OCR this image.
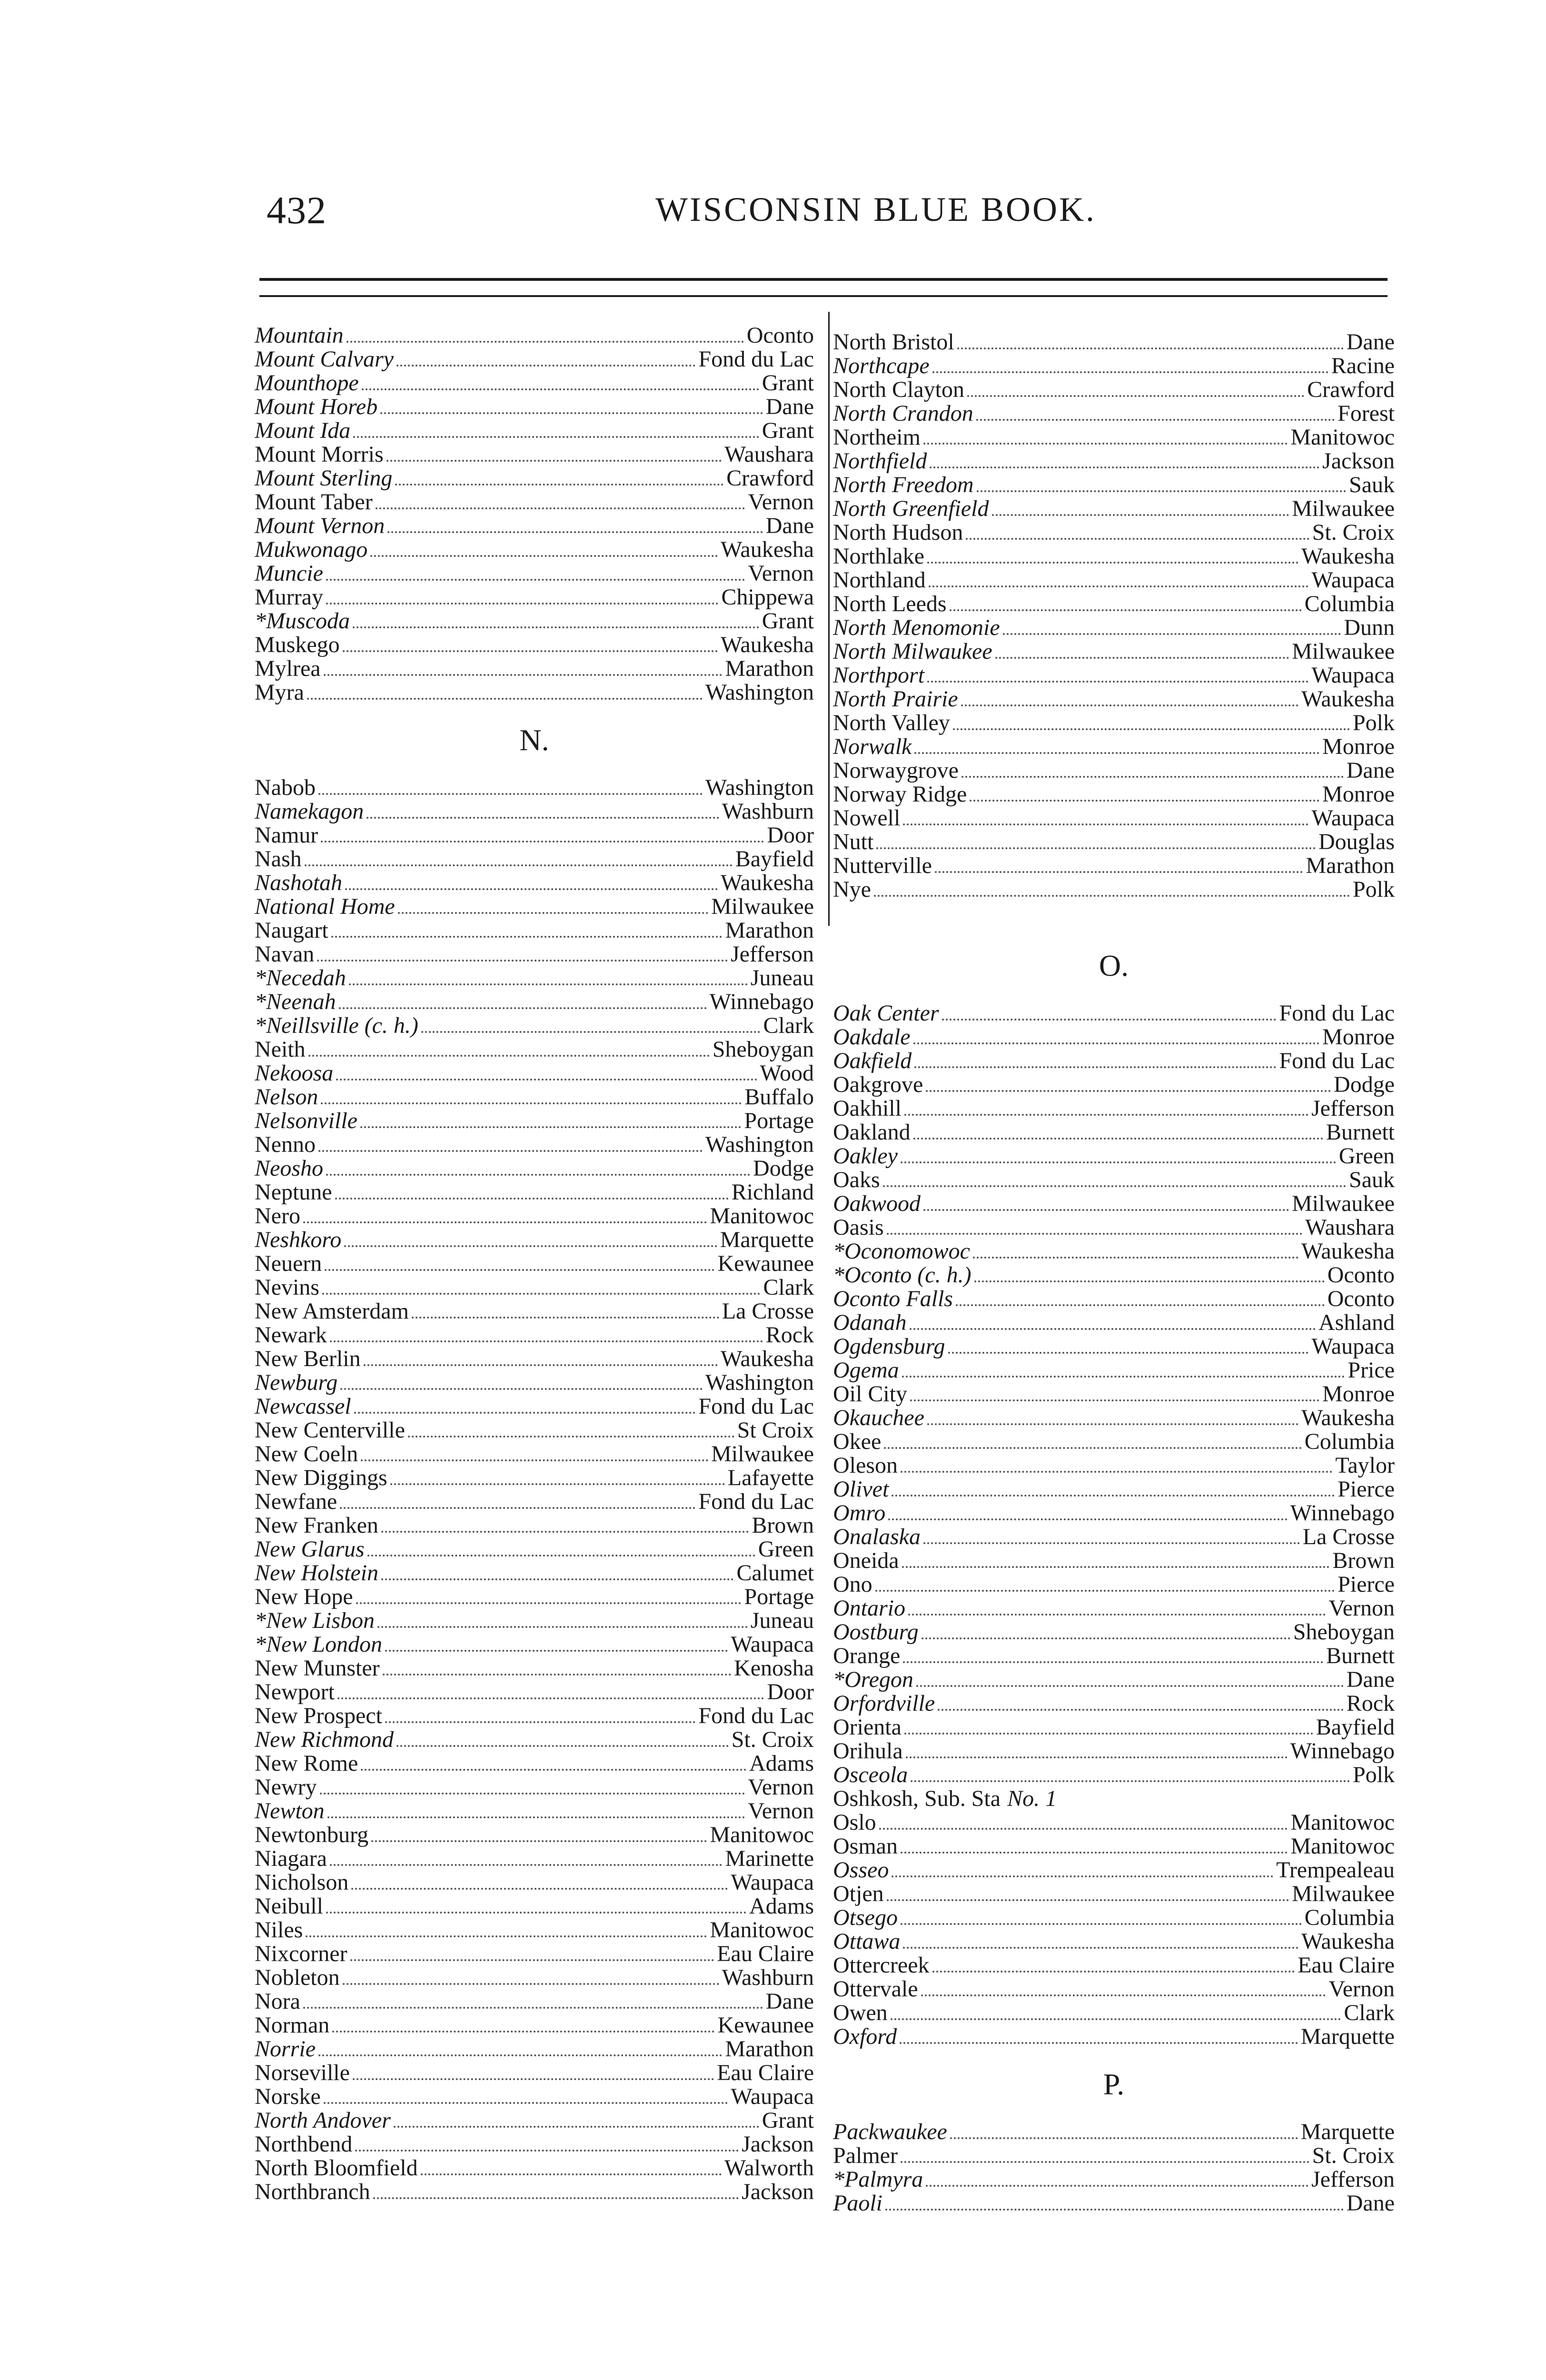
432	WISCONSIN BLUE BOOK.
Mountain	Oconto
Mount Calvary	Fond du Lac
Mounthope	Grant
Mount Horeb	Dane
Mount Ida	Grant
Mount Morris	Waushara
Mount Sterling	Crawford
Mount Taber	Vernon
Mount Vernon	Dane
Mukwonago	Waukesha
Muncie	Vernon
Murray	Chippewa
*Muscoda	Grant
Muskego	Waukesha
Mylrea	Marathon
Myra	Washington
N.
Nabob	Washington
Namekagon	Washburn
Namur	Door
Nash	Bayfield
Nashotah	Waukesha
National Home	Milwaukee
Naugart	Marathon
Navan	Jefferson
*Necedah	Juneau
*Neenah	Winnebago
*Neillsville (c. h.)	Clark
Neith	Sheboygan
Nekoosa	Wood
Nelson	Buffalo
Nelsonville	Portage
Nenno	Washington
Neosho	Dodge
Neptune	Richland
Nero	Manitowoc
Neshkoro	Marquette
Neuern	Kewaunee
Nevins	Clark
New Amsterdam	La Crosse
Newark	Rock
New Berlin	Waukesha
Newburg	Washington
Newcassel	Fond du Lac
New Centerville	St Croix
New Coeln	Milwaukee
New Diggings	Lafayette
Newfane	Fond du Lac
New Franken	Brown
New Glarus	Green
New Holstein	Calumet
New Hope	Portage
*New Lisbon	Juneau
*New London	Waupaca
New Munster	Kenosha
Newport	Door
New Prospect	Fond du Lac
New Richmond	St. Croix
New Rome	Adams
Newry	Vernon
Newton	Vernon
Newtonburg	Manitowoc
Niagara	Marinette
Nicholson	Waupaca
Neibull	Adams
Niles	Manitowoc
Nixcorner	Eau Claire
Nobleton	Washburn
Nora	Dane
Norman	Kewaunee
Norrie	Marathon
Norseville	Eau Claire
Norske	Waupaca
North Andover	Grant
Northbend	Jackson
North Bloomfield	Walworth
Northbranch	Jackson
North Bristol	Dane
Northcape	Racine
North Clayton	Crawford
North Crandon	Forest
Northeim	Manitowoc
Northfield	Jackson
North Freedom	Sauk
North Greenfield	Milwaukee
North Hudson	St. Croix
Northlake	Waukesha
Northland	Waupaca
North Leeds	Columbia
North Menomonie	Dunn
North Milwaukee	Milwaukee
Northport	Waupaca
North Prairie	Waukesha
North Valley	Polk
Norwalk	Monroe
Norwaygrove	Dane
Norway Ridge	Monroe
Nowell	Waupaca
Nutt	Douglas
Nutterville	Marathon
Nye	Polk
O.
Oak Center	Fond du Lac
Oakdale	Monroe
Oakfield	Fond du Lac
Oakgrove	Dodge
Oakhill	Jefferson
Oakland	Burnett
Oakley	Green
Oaks	Sauk
Oakwood	Milwaukee
Oasis	Waushara
*Oconomowoc	Waukesha
*Oconto (c. h.)	Oconto
Oconto Falls	Oconto
Odanah	Ashland
Ogdensburg	Waupaca
Ogema	Price
Oil City	Monroe
Okauchee	Waukesha
Okee	Columbia
Oleson	Taylor
Olivet	Pierce
Omro	Winnebago
Onalaska	La Crosse
Oneida	Brown
Ono	Pierce
Ontario	Vernon
Oostburg	Sheboygan
Orange	Burnett
*Oregon	Dane
Orfordville	Rock
Orienta	Bayfield
Orihula	Winnebago
Osceola	Polk
Oshkosh, Sub. Sta No. 1
Oslo	Manitowoc
Osman	Manitowoc
Osseo	Trempealeau
Otjen	Milwaukee
Otsego	Columbia
Ottawa	Waukesha
Ottercreek	Eau Claire
Ottervale	Vernon
Owen	Clark
Oxford	Marquette
P.
Packwaukee	Marquette
Palmer	St. Croix
*Palmyra	Jefferson
Paoli	Dane
